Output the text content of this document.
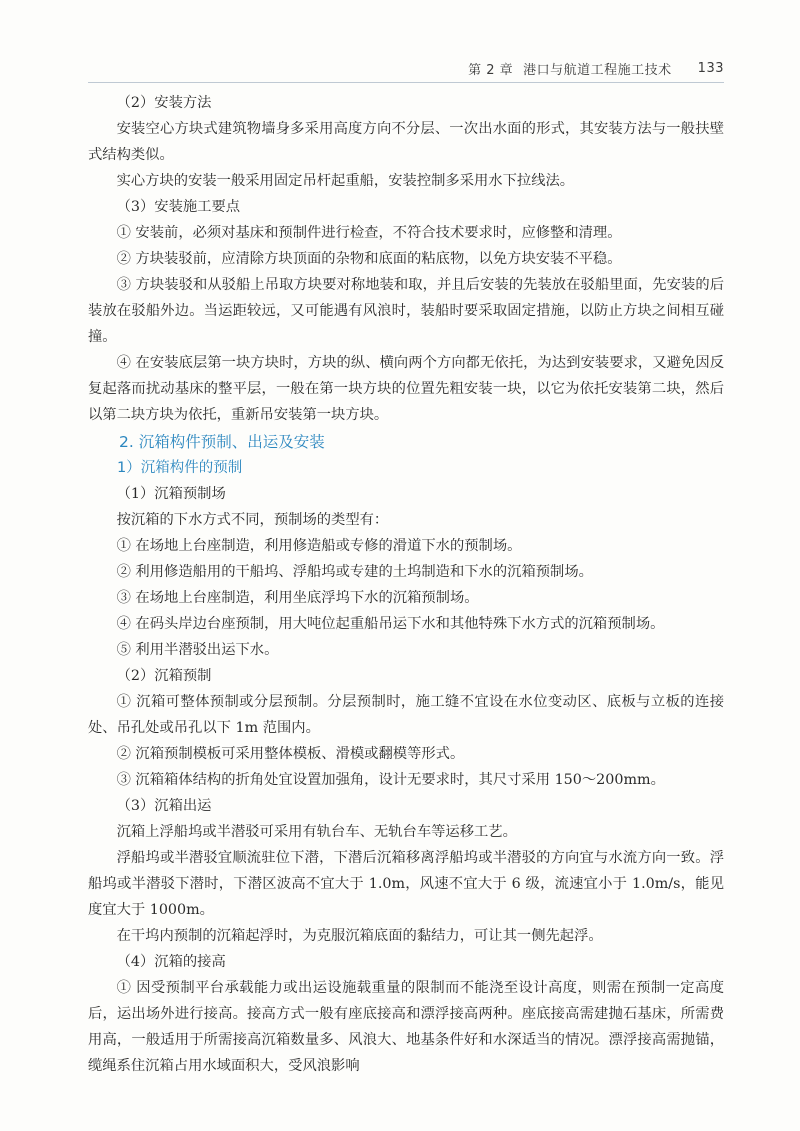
第 2 章 港口与航道工程施工技术 133

（2）安装方法

安装空心方块式建筑物墙身多采用高度方向不分层、一次出水面的形式，其安装方法与一般扶壁式结构类似。

实心方块的安装一般采用固定吊杆起重船，安装控制多采用水下拉线法。

（3）安装施工要点

① 安装前，必须对基床和预制件进行检查，不符合技术要求时，应修整和清理。

② 方块装驳前，应清除方块顶面的杂物和底面的粘底物，以免方块安装不平稳。

③ 方块装驳和从驳船上吊取方块要对称地装和取，并且后安装的先装放在驳船里面，先安装的后装放在驳船外边。当运距较远，又可能遇有风浪时，装船时要采取固定措施，以防止方块之间相互碰撞。

④ 在安装底层第一块方块时，方块的纵、横向两个方向都无依托，为达到安装要求，又避免因反复起落而扰动基床的整平层，一般在第一块方块的位置先粗安装一块，以它为依托安装第二块，然后以第二块方块为依托，重新吊安装第一块方块。

2. 沉箱构件预制、出运及安装
1）沉箱构件的预制

（1）沉箱预制场

按沉箱的下水方式不同，预制场的类型有：

① 在场地上台座制造，利用修造船或专修的滑道下水的预制场。

② 利用修造船用的干船坞、浮船坞或专建的土坞制造和下水的沉箱预制场。

③ 在场地上台座制造，利用坐底浮坞下水的沉箱预制场。

④ 在码头岸边台座预制，用大吨位起重船吊运下水和其他特殊下水方式的沉箱预制场。

⑤ 利用半潜驳出运下水。

（2）沉箱预制

① 沉箱可整体预制或分层预制。分层预制时，施工缝不宜设在水位变动区、底板与立板的连接处、吊孔处或吊孔以下 1m 范围内。

② 沉箱预制模板可采用整体模板、滑模或翻模等形式。

③ 沉箱箱体结构的折角处宜设置加强角，设计无要求时，其尺寸采用 150～200mm。

（3）沉箱出运

沉箱上浮船坞或半潜驳可采用有轨台车、无轨台车等运移工艺。

浮船坞或半潜驳宜顺流驻位下潜，下潜后沉箱移离浮船坞或半潜驳的方向宜与水流方向一致。浮船坞或半潜驳下潜时，下潜区波高不宜大于 1.0m，风速不宜大于 6 级，流速宜小于 1.0m/s，能见度宜大于 1000m。

在干坞内预制的沉箱起浮时，为克服沉箱底面的黏结力，可让其一侧先起浮。

（4）沉箱的接高

① 因受预制平台承载能力或出运设施载重量的限制而不能浇至设计高度，则需在预制一定高度后，运出场外进行接高。接高方式一般有座底接高和漂浮接高两种。座底接高需建抛石基床，所需费用高，一般适用于所需接高沉箱数量多、风浪大、地基条件好和水深适当的情况。漂浮接高需抛锚，缆绳系住沉箱占用水域面积大，受风浪影响
